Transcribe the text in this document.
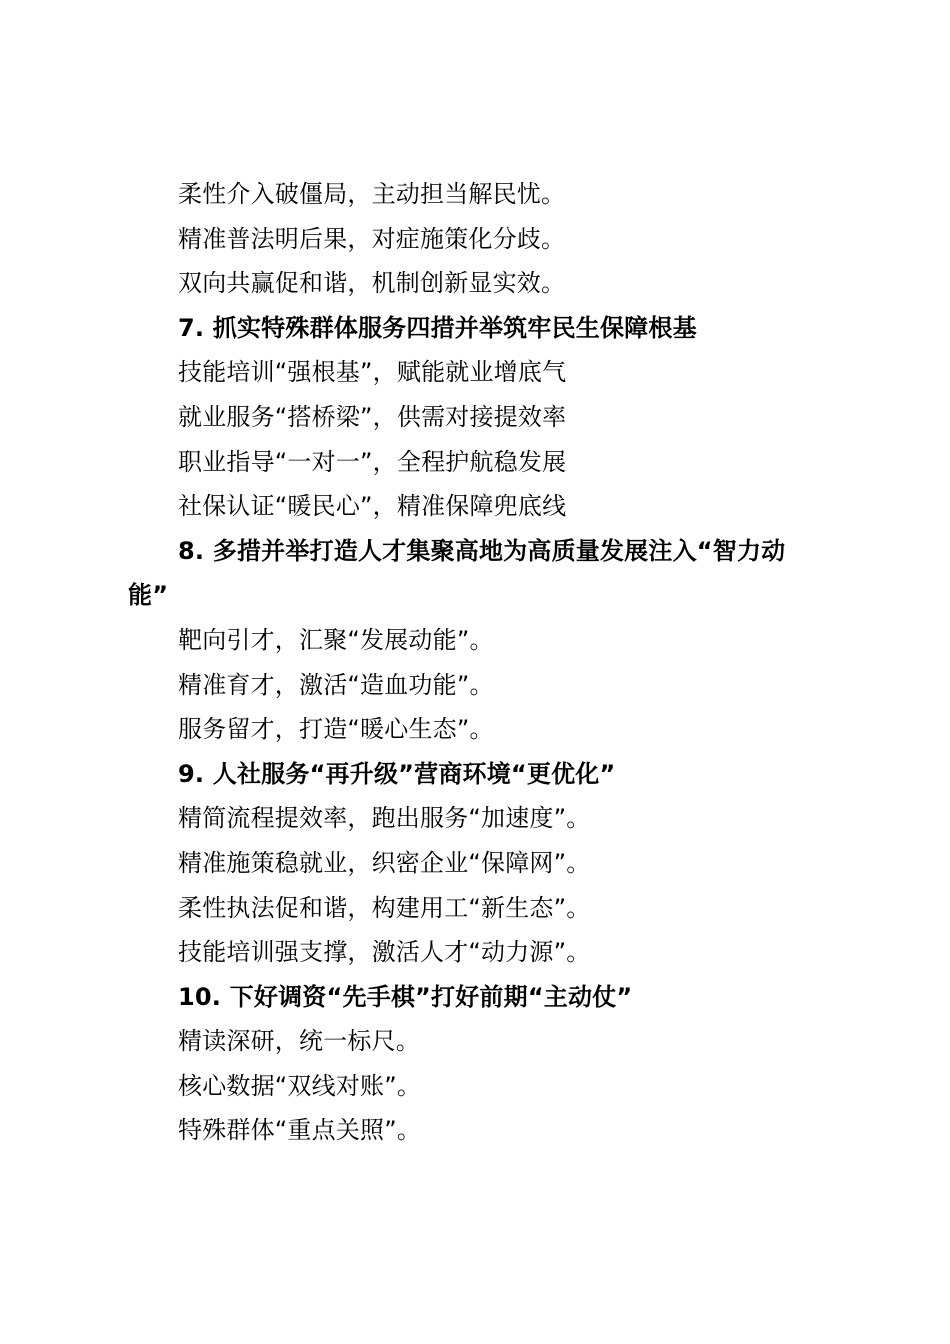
柔性介入破僵局，主动担当解民忧。
精准普法明后果，对症施策化分歧。
双向共赢促和谐，机制创新显实效。
7. 抓实特殊群体服务四措并举筑牢民生保障根基
技能培训“强根基”，赋能就业增底气
就业服务“搭桥梁”，供需对接提效率
职业指导“一对一”，全程护航稳发展
社保认证“暖民心”，精准保障兜底线
8. 多措并举打造人才集聚高地为高质量发展注入“智力动
能”
靶向引才，汇聚“发展动能”。
精准育才，激活“造血功能”。
服务留才，打造“暖心生态”。
9. 人社服务“再升级”营商环境“更优化”
精简流程提效率，跑出服务“加速度”。
精准施策稳就业，织密企业“保障网”。
柔性执法促和谐，构建用工“新生态”。
技能培训强支撑，激活人才“动力源”。
10. 下好调资“先手棋”打好前期“主动仗”
精读深研，统一标尺。
核心数据“双线对账”。
特殊群体“重点关照”。
